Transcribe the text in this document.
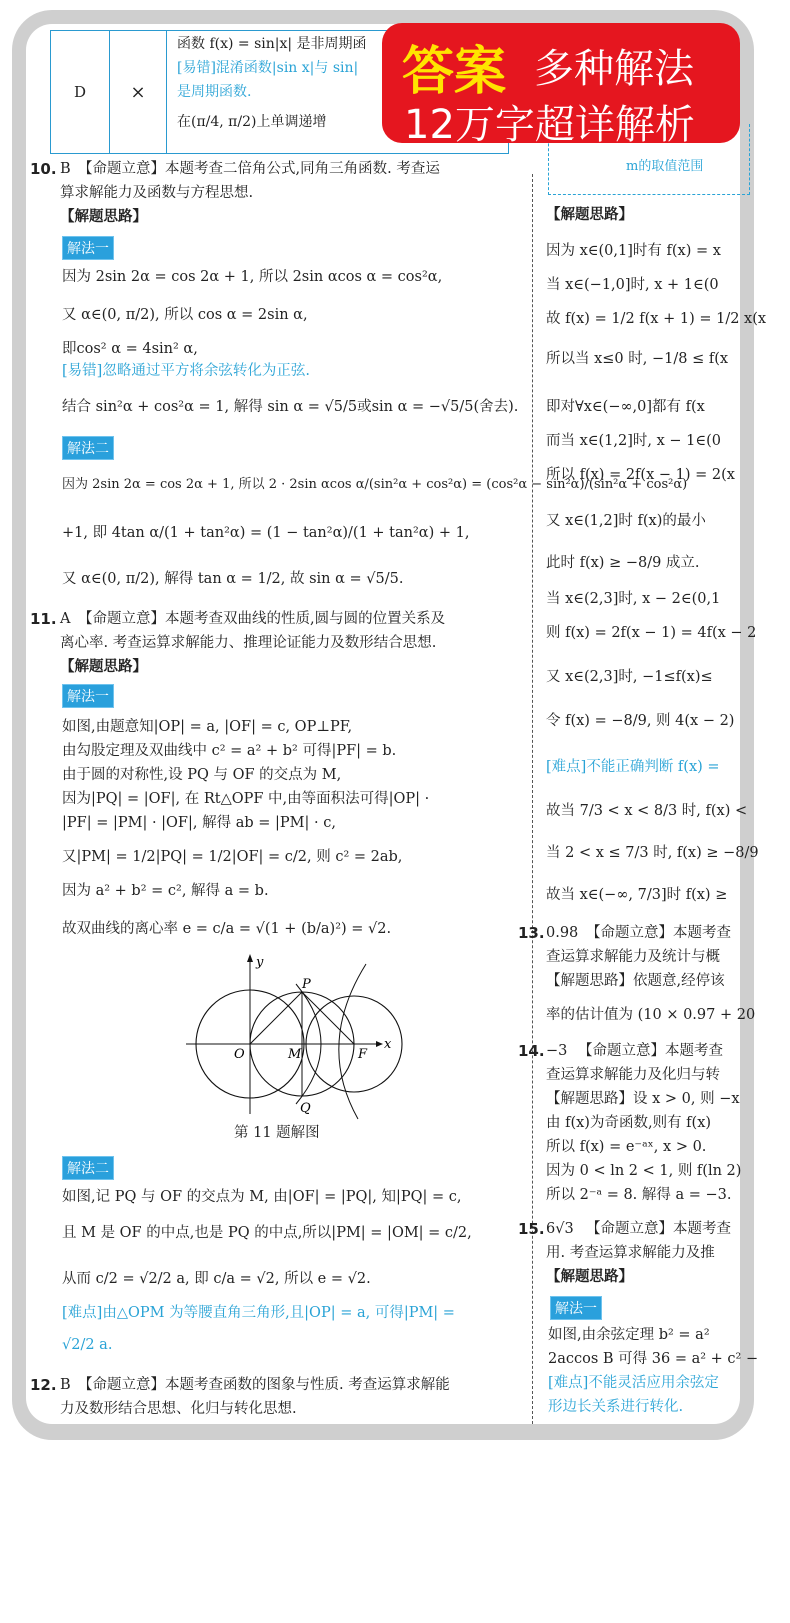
D	×	
函数 f(x) = sin|x| 是非周期函
[易错]混淆函数|sin x|与 sin|
是周期函数.
在(π/4, π/2)上单调递增
10. B 【命题立意】本题考查二倍角公式,同角三角函数. 考查运
算求解能力及函数与方程思想.
【解题思路】
解法一
因为 2sin 2α = cos 2α + 1, 所以 2sin αcos α = cos²α,
又 α∈(0, π/2), 所以 cos α = 2sin α,
即cos² α = 4sin² α,
[易错]忽略通过平方将余弦转化为正弦.
结合 sin²α + cos²α = 1, 解得 sin α = √5/5或sin α = −√5/5(舍去).
解法二
因为 2sin 2α = cos 2α + 1, 所以 2 · 2sin αcos α/(sin²α + cos²α) = (cos²α − sin²α)/(sin²α + cos²α)
+1, 即 4tan α/(1 + tan²α) = (1 − tan²α)/(1 + tan²α) + 1,
又 α∈(0, π/2), 解得 tan α = 1/2, 故 sin α = √5/5.
11. A 【命题立意】本题考查双曲线的性质,圆与圆的位置关系及
离心率. 考查运算求解能力、推理论证能力及数形结合思想.
【解题思路】
解法一
如图,由题意知|OP| = a, |OF| = c, OP⊥PF,
由勾股定理及双曲线中 c² = a² + b² 可得|PF| = b.
由于圆的对称性,设 PQ 与 OF 的交点为 M,
因为|PQ| = |OF|, 在 Rt△OPF 中,由等面积法可得|OP| ·
|PF| = |PM| · |OF|, 解得 ab = |PM| · c,
又|PM| = 1/2|PQ| = 1/2|OF| = c/2, 则 c² = 2ab,
因为 a² + b² = c², 解得 a = b.
故双曲线的离心率 e = c/a = √(1 + (b/a)²) = √2.
y
x
P
O	M	F
Q
第 11 题解图
解法二
如图,记 PQ 与 OF 的交点为 M, 由|OF| = |PQ|, 知|PQ| = c,
且 M 是 OF 的中点,也是 PQ 的中点,所以|PM| = |OM| = c/2,
从而 c/2 = √2/2 a, 即 c/a = √2, 所以 e = √2.
[难点]由△OPM 为等腰直角三角形,且|OP| = a, 可得|PM| =
√2/2 a.
12. B 【命题立意】本题考查函数的图象与性质. 考查运算求解能
力及数形结合思想、化归与转化思想.
m的取值范围
【解题思路】
因为 x∈(0,1]时有 f(x) = x
当 x∈(−1,0]时, x + 1∈(0
故 f(x) = 1/2 f(x + 1) = 1/2 x(x
所以当 x≤0 时, −1/8 ≤ f(x
即对∀x∈(−∞,0]都有 f(x
而当 x∈(1,2]时, x − 1∈(0
所以 f(x) = 2f(x − 1) = 2(x
又 x∈(1,2]时 f(x)的最小
此时 f(x) ≥ −8/9 成立.
当 x∈(2,3]时, x − 2∈(0,1
则 f(x) = 2f(x − 1) = 4f(x − 2
又 x∈(2,3]时, −1≤f(x)≤
令 f(x) = −8/9, 则 4(x − 2)
[难点]不能正确判断 f(x) =
故当 7/3 < x < 8/3 时, f(x) <
当 2 < x ≤ 7/3 时, f(x) ≥ −8/9
故当 x∈(−∞, 7/3]时 f(x) ≥
13. 0.98 【命题立意】本题考查
查运算求解能力及统计与概
【解题思路】依题意,经停该
率的估计值为 (10 × 0.97 + 20
14. −3 【命题立意】本题考查
查运算求解能力及化归与转
【解题思路】设 x > 0, 则 −x
由 f(x)为奇函数,则有 f(x)
所以 f(x) = e⁻ᵃˣ, x > 0.
因为 0 < ln 2 < 1, 则 f(ln 2)
所以 2⁻ᵃ = 8. 解得 a = −3.
15. 6√3 【命题立意】本题考查
用. 考查运算求解能力及推
【解题思路】
解法一
如图,由余弦定理 b² = a²
2accos B 可得 36 = a² + c² −
[难点]不能灵活应用余弦定
形边长关系进行转化.
答案 多种解法
12万字超详解析
